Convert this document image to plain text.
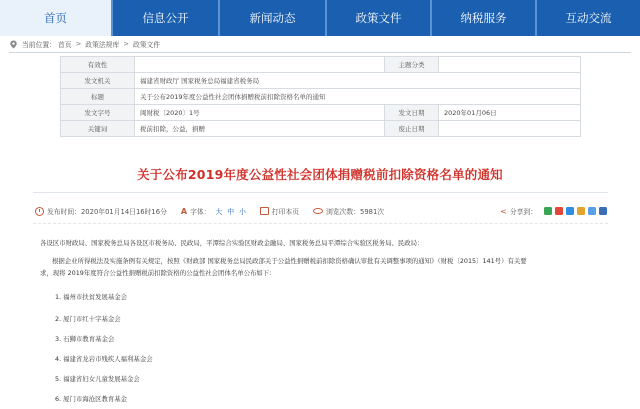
首页	信息公开	新闻动态	政策文件	纳税服务	互动交流
当前位置： 首页 > 政策法规库 > 政策文件
有效性		主题分类	
发文机关	福建省财政厅 国家税务总局福建省税务局		
标题	关于公布2019年度公益性社会团体捐赠税前扣除资格名单的通知		
发文字号	闽财税〔2020〕1号	发文日期	2020年01月06日
关键词	税前扣除，公益，捐赠	废止日期	
关于公布2019年度公益性社会团体捐赠税前扣除资格名单的通知
发布时间：2020年01月14日16时16分 A 字体： 大 中 小	打印本页	浏览次数：5981次	< 分享到：
各设区市财政局、国家税务总局各设区市税务局、民政局，平潭综合实验区财政金融局、国家税务总局平潭综合实验区税务局、民政局：
根据企业所得税法及实施条例有关规定，按照《财政部 国家税务总局民政部关于公益性捐赠税前扣除资格确认审批有关调整事项的通知》（财税〔2015〕141号）有关要
求，现将 2019年度符合公益性捐赠税前扣除资格的公益性社会团体名单公布如下：
1. 福州市扶贫发展基金会
2. 厦门市红十字基金会
3. 石狮市教育基金会
4. 福建省龙岩市残疾人福利基金会
5. 福建省妇女儿童发展基金会
6. 厦门市海沧区教育基金
